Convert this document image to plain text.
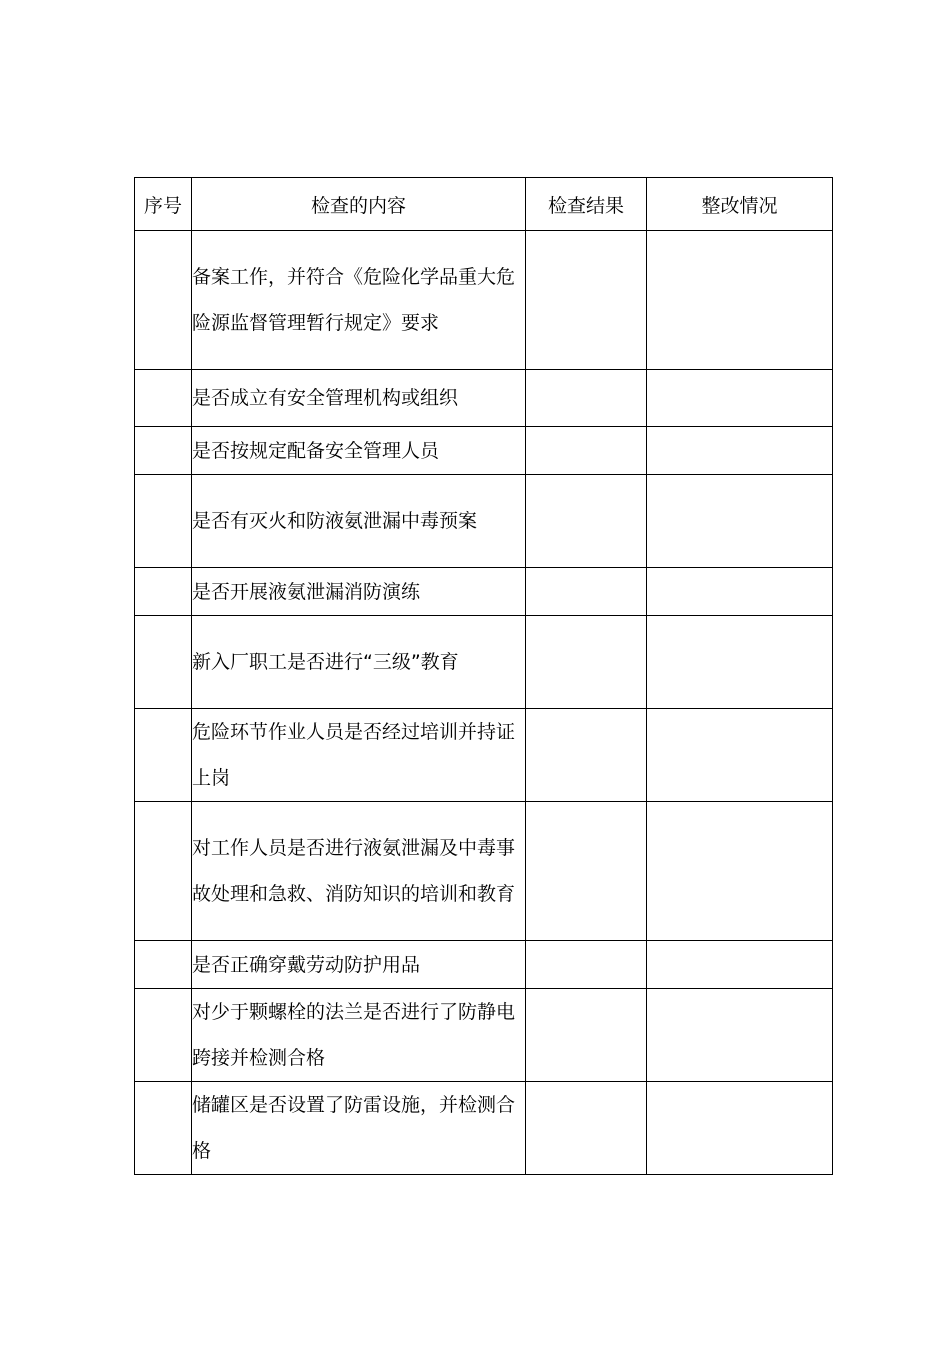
序号	检查的内容	检查结果	整改情况
	备案工作，并符合《危险化学品重大危险源监督管理暂行规定》要求		
	是否成立有安全管理机构或组织		
	是否按规定配备安全管理人员		
	是否有灭火和防液氨泄漏中毒预案		
	是否开展液氨泄漏消防演练		
	新入厂职工是否进行“三级”教育		
	危险环节作业人员是否经过培训并持证上岗		
	对工作人员是否进行液氨泄漏及中毒事故处理和急救、消防知识的培训和教育		
	是否正确穿戴劳动防护用品		
	对少于颗螺栓的法兰是否进行了防静电跨接并检测合格		
	储罐区是否设置了防雷设施，并检测合格		
